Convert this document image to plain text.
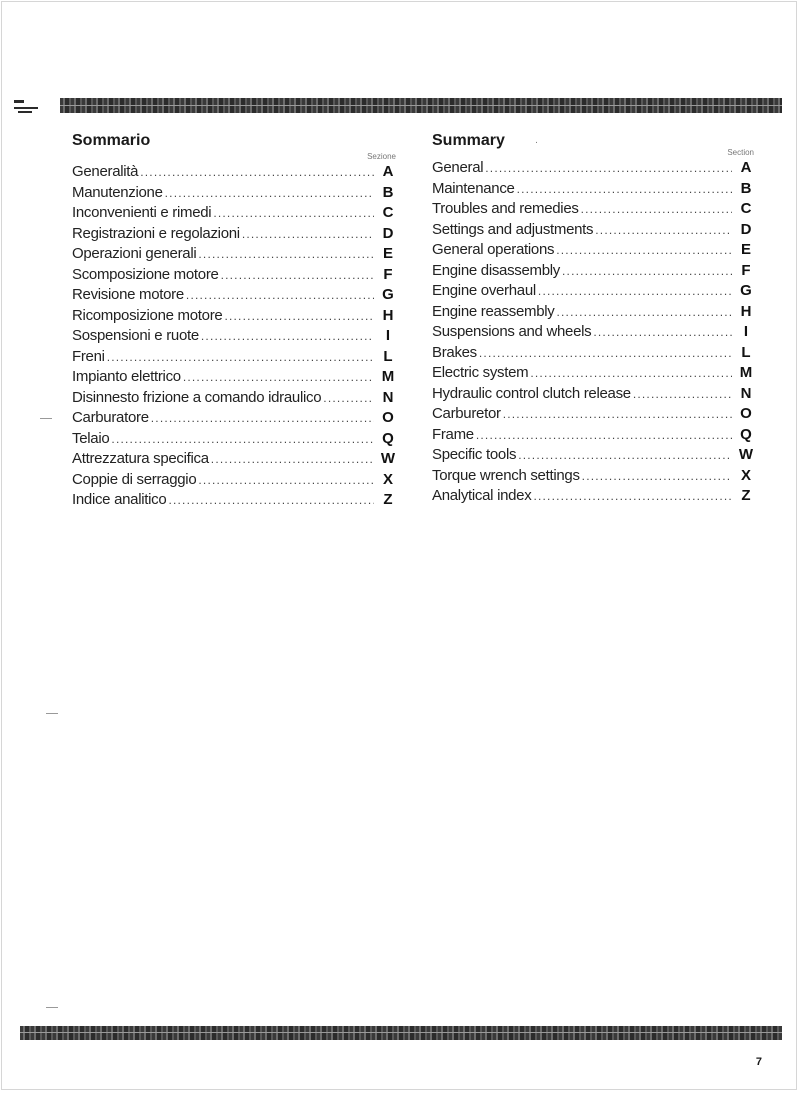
Sommario
Sezione
Generalità .....	A
Manutenzione .....	B
Inconvenienti e rimedi .....	C
Registrazioni e regolazioni .....	D
Operazioni generali .....	E
Scomposizione motore .....	F
Revisione motore .....	G
Ricomposizione motore .....	H
Sospensioni e ruote .....	I
Freni .....	L
Impianto elettrico .....	M
Disinnesto frizione a comando idraulico .....	N
Carburatore .....	O
Telaio .....	Q
Attrezzatura specifica .....	W
Coppie di serraggio .....	X
Indice analitico .....	Z
Summary	·
Section
General .....	A
Maintenance .....	B
Troubles and remedies .....	C
Settings and adjustments .....	D
General operations .....	E
Engine disassembly .....	F
Engine overhaul .....	G
Engine reassembly .....	H
Suspensions and wheels .....	I
Brakes .....	L
Electric system .....	M
Hydraulic control clutch release .....	N
Carburetor .....	O
Frame .....	Q
Specific tools .....	W
Torque wrench settings .....	X
Analytical index .....	Z
7
